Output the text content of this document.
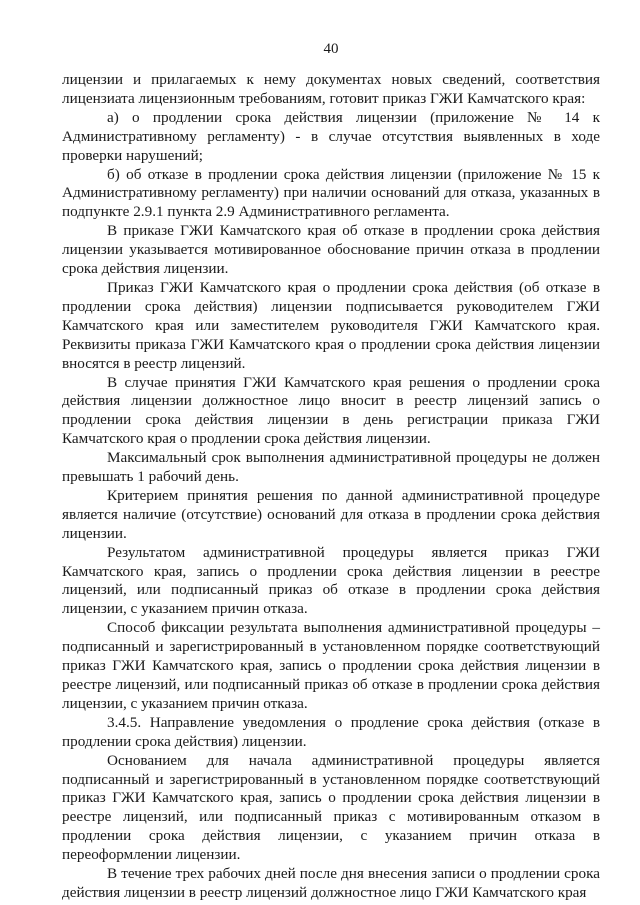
40

лицензии и прилагаемых к нему документах новых сведений, соответствия лицензиата лицензионным требованиям, готовит приказ ГЖИ Камчатского края:

а) о продлении срока действия лицензии (приложение № 14 к Административному регламенту) - в случае отсутствия выявленных в ходе проверки нарушений;

б) об отказе в продлении срока действия лицензии (приложение № 15 к Административному регламенту) при наличии оснований для отказа, указанных в подпункте 2.9.1 пункта 2.9 Административного регламента.

В приказе ГЖИ Камчатского края об отказе в продлении срока действия лицензии указывается мотивированное обоснование причин отказа в продлении срока действия лицензии.

Приказ ГЖИ Камчатского края о продлении срока действия (об отказе в продлении срока действия) лицензии подписывается руководителем ГЖИ Камчатского края или заместителем руководителя ГЖИ Камчатского края. Реквизиты приказа ГЖИ Камчатского края о продлении срока действия лицензии вносятся в реестр лицензий.

В случае принятия ГЖИ Камчатского края решения о продлении срока действия лицензии должностное лицо вносит в реестр лицензий запись о продлении срока действия лицензии в день регистрации приказа ГЖИ Камчатского края о продлении срока действия лицензии.

Максимальный срок выполнения административной процедуры не должен превышать 1 рабочий день.

Критерием принятия решения по данной административной процедуре является наличие (отсутствие) оснований для отказа в продлении срока действия лицензии.

Результатом административной процедуры является приказ ГЖИ Камчатского края, запись о продлении срока действия лицензии в реестре лицензий, или подписанный приказ об отказе в продлении срока действия лицензии, с указанием причин отказа.

Способ фиксации результата выполнения административной процедуры – подписанный и зарегистрированный в установленном порядке соответствующий приказ ГЖИ Камчатского края, запись о продлении срока действия лицензии в реестре лицензий, или подписанный приказ об отказе в продлении срока действия лицензии, с указанием причин отказа.

3.4.5. Направление уведомления о продление срока действия (отказе в продлении срока действия) лицензии.

Основанием для начала административной процедуры является подписанный и зарегистрированный в установленном порядке соответствующий приказ ГЖИ Камчатского края, запись о продлении срока действия лицензии в реестре лицензий, или подписанный приказ с мотивированным отказом в продлении срока действия лицензии, с указанием причин отказа в переоформлении лицензии.

В течение трех рабочих дней после дня внесения записи о продлении срока действия лицензии в реестр лицензий должностное лицо ГЖИ Камчатского края
